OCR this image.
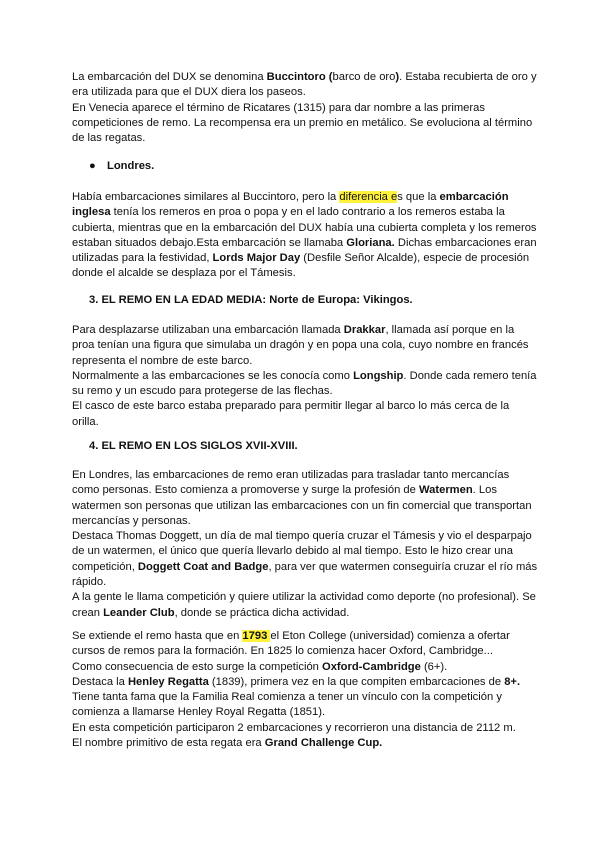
La embarcación del DUX se denomina Buccintoro (barco de oro). Estaba recubierta de oro y era utilizada para que el DUX diera los paseos.

En Venecia aparece el término de Ricatares (1315) para dar nombre a las primeras competiciones de remo. La recompensa era un premio en metálico. Se evoluciona al término de las regatas.

● Londres.

Había embarcaciones similares al Buccintoro, pero la diferencia es que la embarcación inglesa tenía los remeros en proa o popa y en el lado contrario a los remeros estaba la cubierta, mientras que en la embarcación del DUX había una cubierta completa y los remeros estaban situados debajo.Esta embarcación se llamaba Gloriana. Dichas embarcaciones eran utilizadas para la festividad, Lords Major Day (Desfile Señor Alcalde), especie de procesión donde el alcalde se desplaza por el Támesis.

3. EL REMO EN LA EDAD MEDIA: Norte de Europa: Vikingos.

Para desplazarse utilizaban una embarcación llamada Drakkar, llamada así porque en la proa tenían una figura que simulaba un dragón y en popa una cola, cuyo nombre en francés representa el nombre de este barco.

Normalmente a las embarcaciones se les conocía como Longship. Donde cada remero tenía su remo y un escudo para protegerse de las flechas.

El casco de este barco estaba preparado para permitir llegar al barco lo más cerca de la orilla.

4. EL REMO EN LOS SIGLOS XVII-XVIII.

En Londres, las embarcaciones de remo eran utilizadas para trasladar tanto mercancías como personas. Esto comienza a promoverse y surge la profesión de Watermen. Los watermen son personas que utilizan las embarcaciones con un fin comercial que transportan mercancías y personas.

Destaca Thomas Doggett, un día de mal tiempo quería cruzar el Támesis y vio el desparpajo de un watermen, el único que quería llevarlo debido al mal tiempo. Esto le hizo crear una competición, Doggett Coat and Badge, para ver que watermen conseguiría cruzar el río más rápido.

A la gente le llama competición y quiere utilizar la actividad como deporte (no profesional). Se crean Leander Club, donde se práctica dicha actividad.

Se extiende el remo hasta que en 1793 el Eton College (universidad) comienza a ofertar cursos de remos para la formación. En 1825 lo comienza hacer Oxford, Cambridge...

Como consecuencia de esto surge la competición Oxford-Cambridge (6+).

Destaca la Henley Regatta (1839), primera vez en la que compiten embarcaciones de 8+.

Tiene tanta fama que la Familia Real comienza a tener un vínculo con la competición y comienza a llamarse Henley Royal Regatta (1851).

En esta competición participaron 2 embarcaciones y recorrieron una distancia de 2112 m.

El nombre primitivo de esta regata era Grand Challenge Cup.
